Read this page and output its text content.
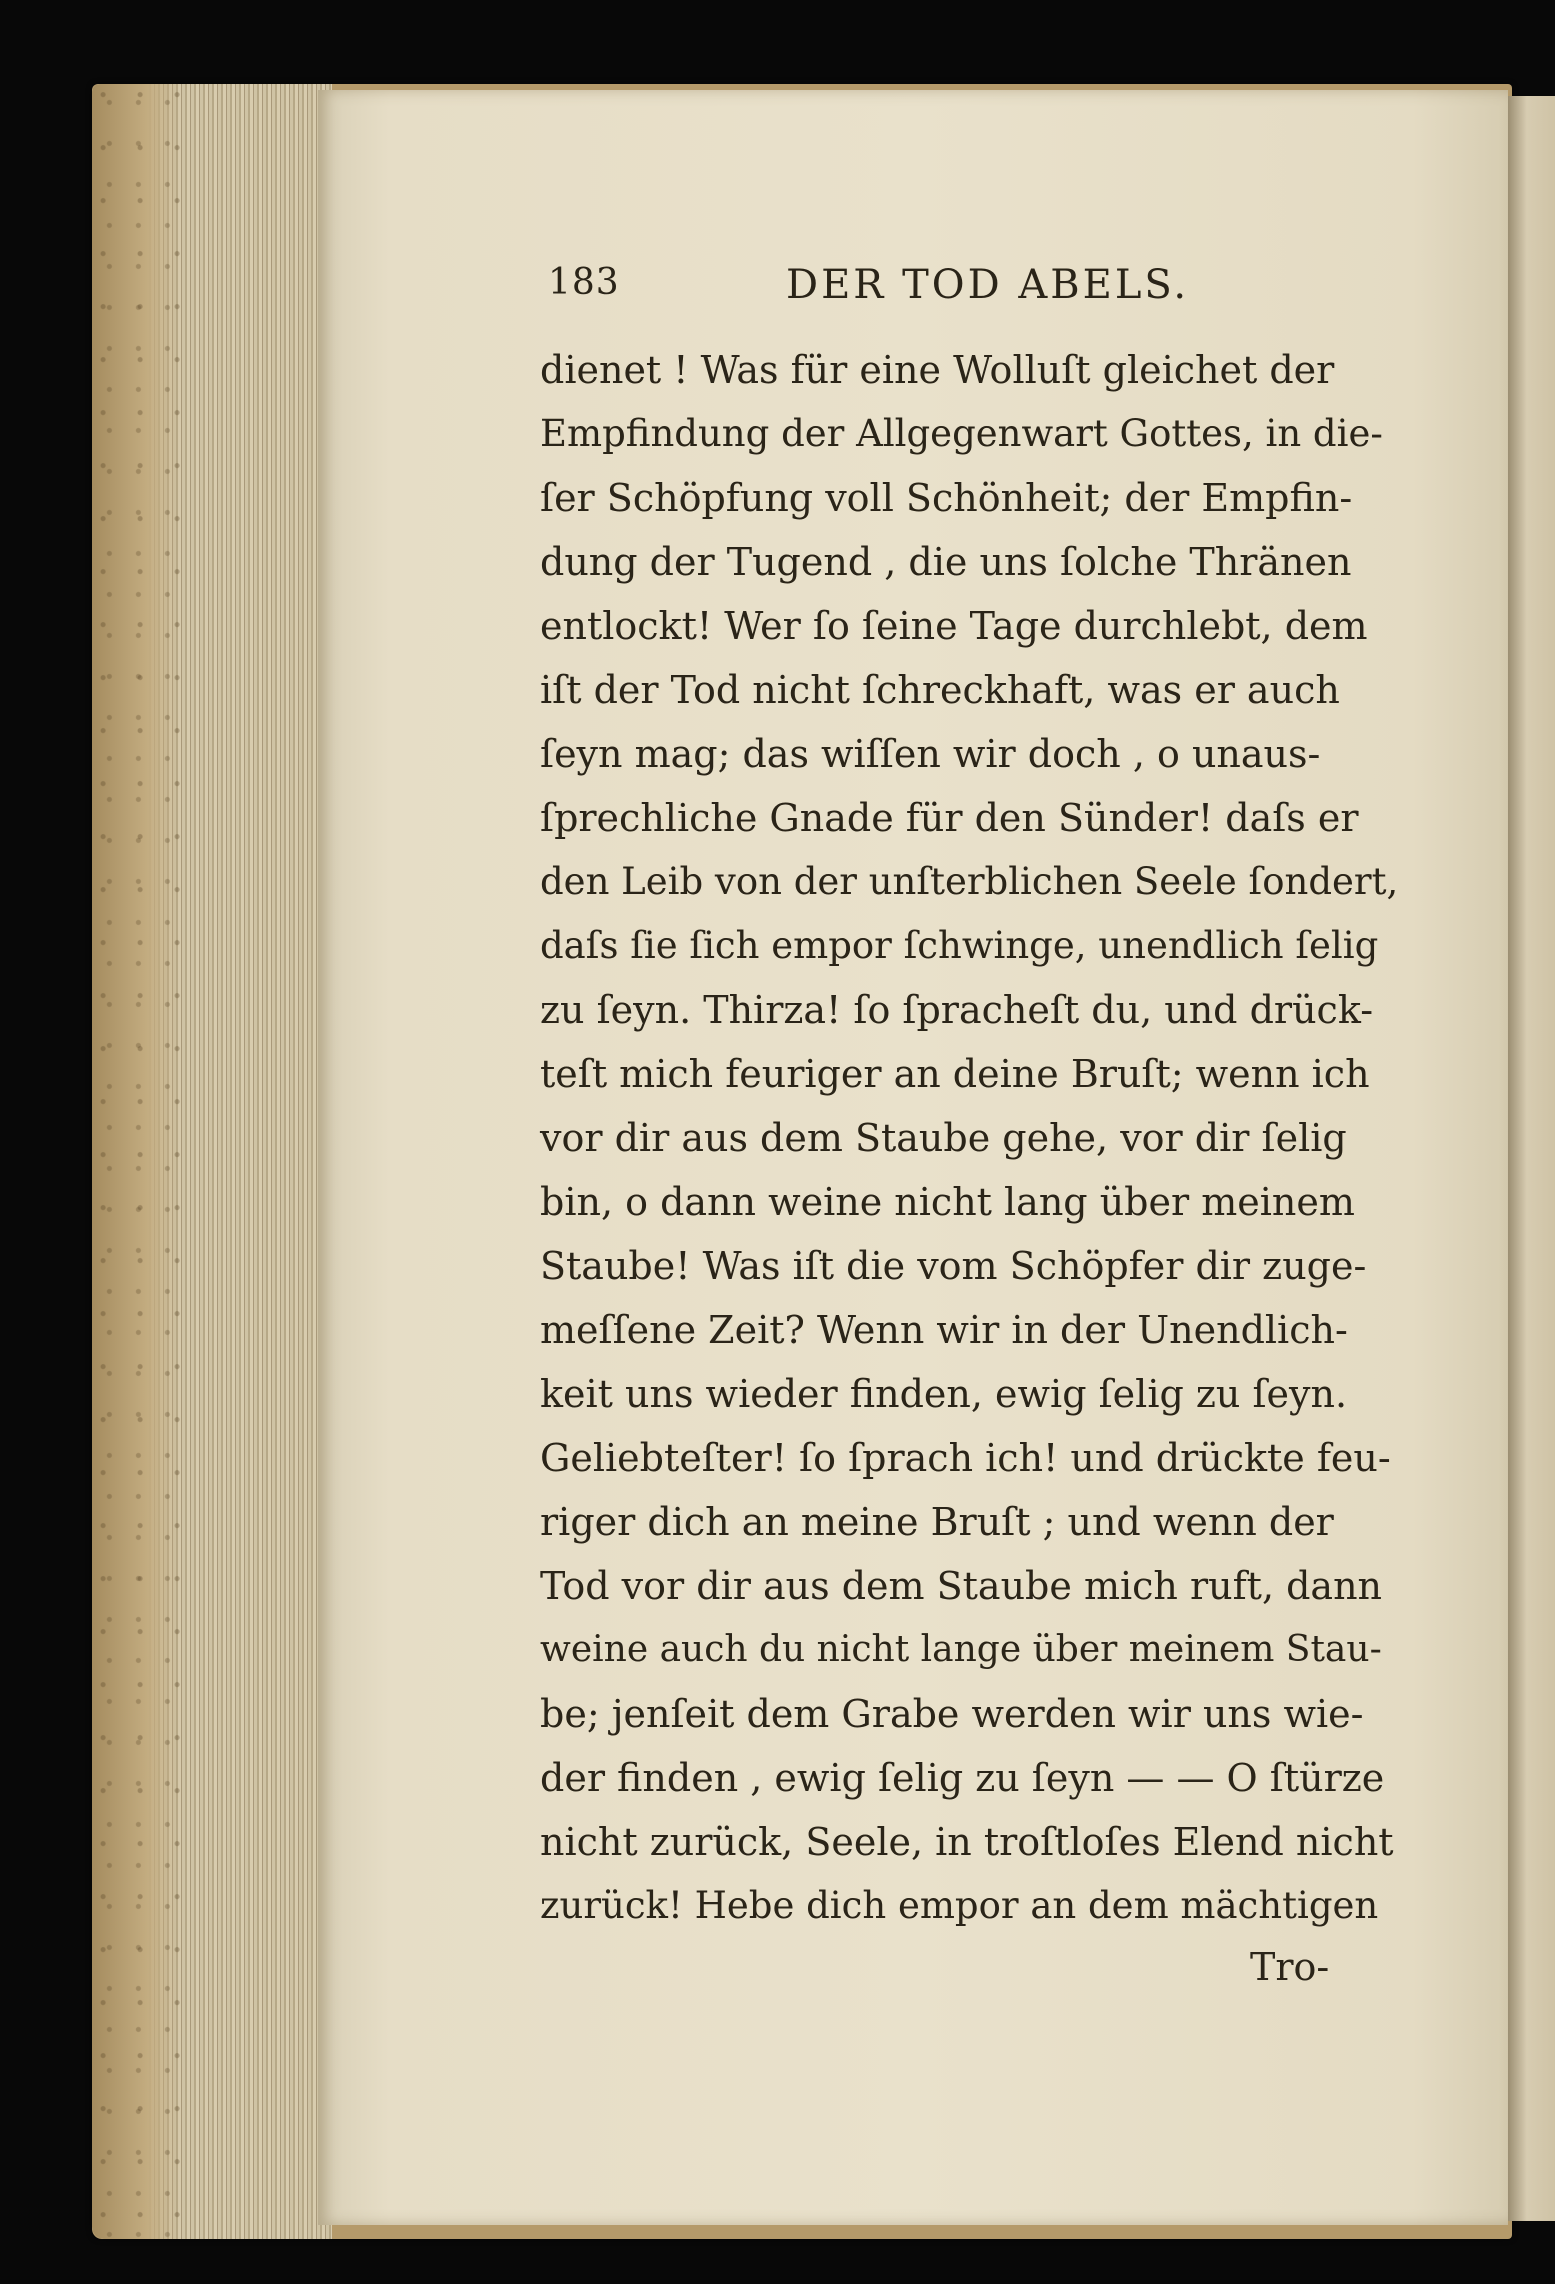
183	DER TOD ABELS.
dienet ! Was für eine Wolluſt gleichet der
Empfindung der Allgegenwart Gottes, in die-
ſer Schöpfung voll Schönheit; der Empfin-
dung der Tugend , die uns ſolche Thränen
entlockt! Wer ſo ſeine Tage durchlebt, dem
iſt der Tod nicht ſchreckhaft, was er auch
ſeyn mag; das wiſſen wir doch , o unaus-
ſprechliche Gnade für den Sünder! daſs er
den Leib von der unſterblichen Seele ſondert,
daſs ſie ſich empor ſchwinge, unendlich ſelig
zu ſeyn. Thirza! ſo ſpracheſt du, und drück-
teſt mich feuriger an deine Bruſt; wenn ich
vor dir aus dem Staube gehe, vor dir ſelig
bin, o dann weine nicht lang über meinem
Staube! Was iſt die vom Schöpfer dir zuge-
meſſene Zeit? Wenn wir in der Unendlich-
keit uns wieder finden, ewig ſelig zu ſeyn.
Geliebteſter! ſo ſprach ich! und drückte feu-
riger dich an meine Bruſt ; und wenn der
Tod vor dir aus dem Staube mich ruft, dann
weine auch du nicht lange über meinem Stau-
be; jenſeit dem Grabe werden wir uns wie-
der finden , ewig ſelig zu ſeyn — — O ſtürze
nicht zurück, Seele, in troſtloſes Elend nicht
zurück! Hebe dich empor an dem mächtigen
Tro-
